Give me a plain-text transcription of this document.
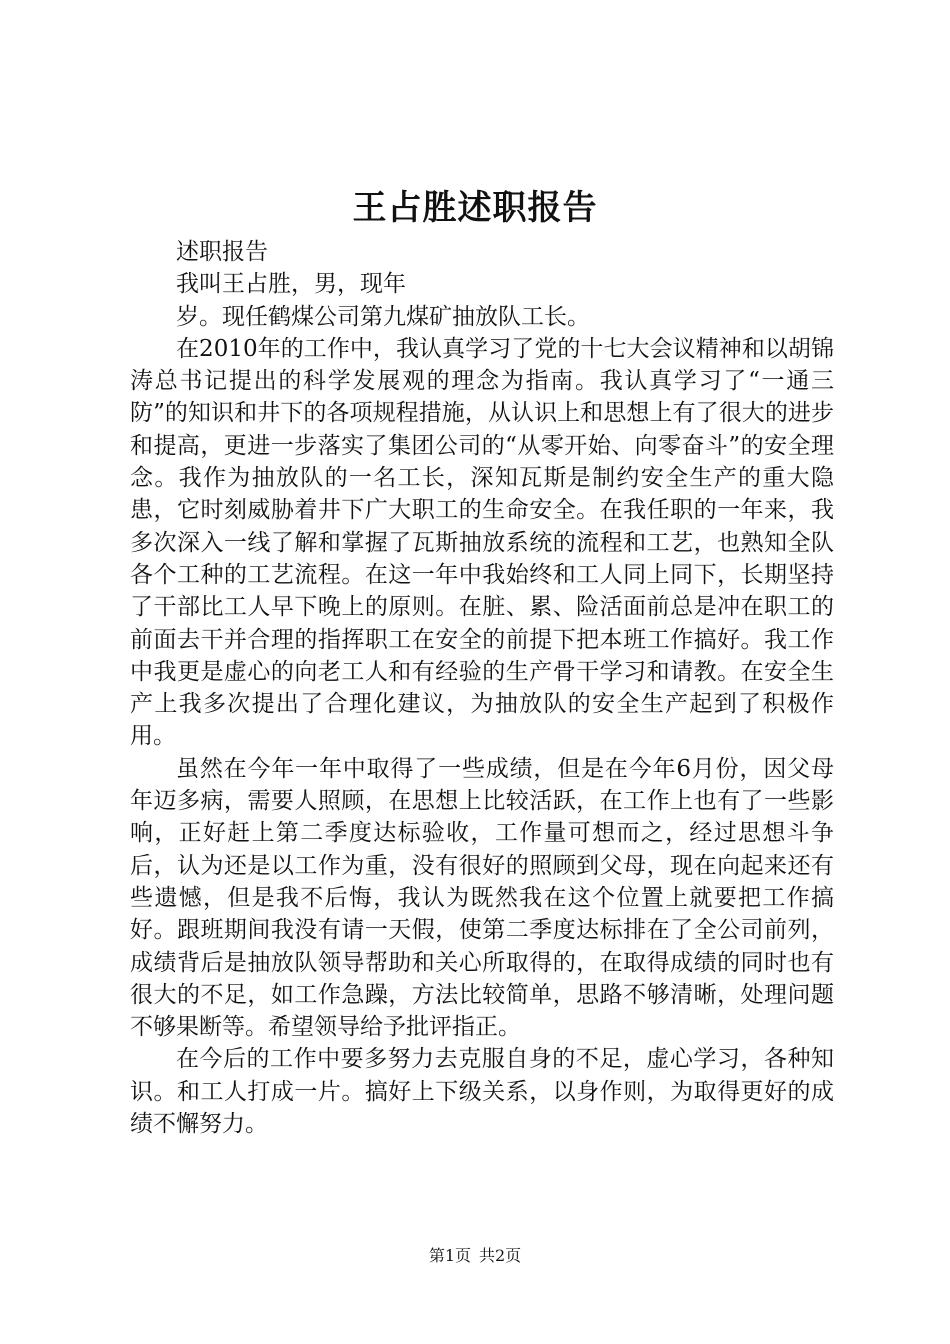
王占胜述职报告

述职报告

我叫王占胜，男，现年

岁。现任鹤煤公司第九煤矿抽放队工长。

在2010年的工作中，我认真学习了党的十七大会议精神和以胡锦涛总书记提出的科学发展观的理念为指南。我认真学习了“一通三防”的知识和井下的各项规程措施，从认识上和思想上有了很大的进步和提高，更进一步落实了集团公司的“从零开始、向零奋斗”的安全理念。我作为抽放队的一名工长，深知瓦斯是制约安全生产的重大隐患，它时刻威胁着井下广大职工的生命安全。在我任职的一年来，我多次深入一线了解和掌握了瓦斯抽放系统的流程和工艺，也熟知全队各个工种的工艺流程。在这一年中我始终和工人同上同下，长期坚持了干部比工人早下晚上的原则。在脏、累、险活面前总是冲在职工的前面去干并合理的指挥职工在安全的前提下把本班工作搞好。我工作中我更是虚心的向老工人和有经验的生产骨干学习和请教。在安全生产上我多次提出了合理化建议，为抽放队的安全生产起到了积极作用。

虽然在今年一年中取得了一些成绩，但是在今年6月份，因父母年迈多病，需要人照顾，在思想上比较活跃，在工作上也有了一些影响，正好赶上第二季度达标验收，工作量可想而之，经过思想斗争后，认为还是以工作为重，没有很好的照顾到父母，现在向起来还有些遗憾，但是我不后悔，我认为既然我在这个位置上就要把工作搞好。跟班期间我没有请一天假，使第二季度达标排在了全公司前列，成绩背后是抽放队领导帮助和关心所取得的，在取得成绩的同时也有很大的不足，如工作急躁，方法比较简单，思路不够清晰，处理问题不够果断等。希望领导给予批评指正。

在今后的工作中要多努力去克服自身的不足，虚心学习，各种知识。和工人打成一片。搞好上下级关系，以身作则，为取得更好的成绩不懈努力。

第1页 共2页
